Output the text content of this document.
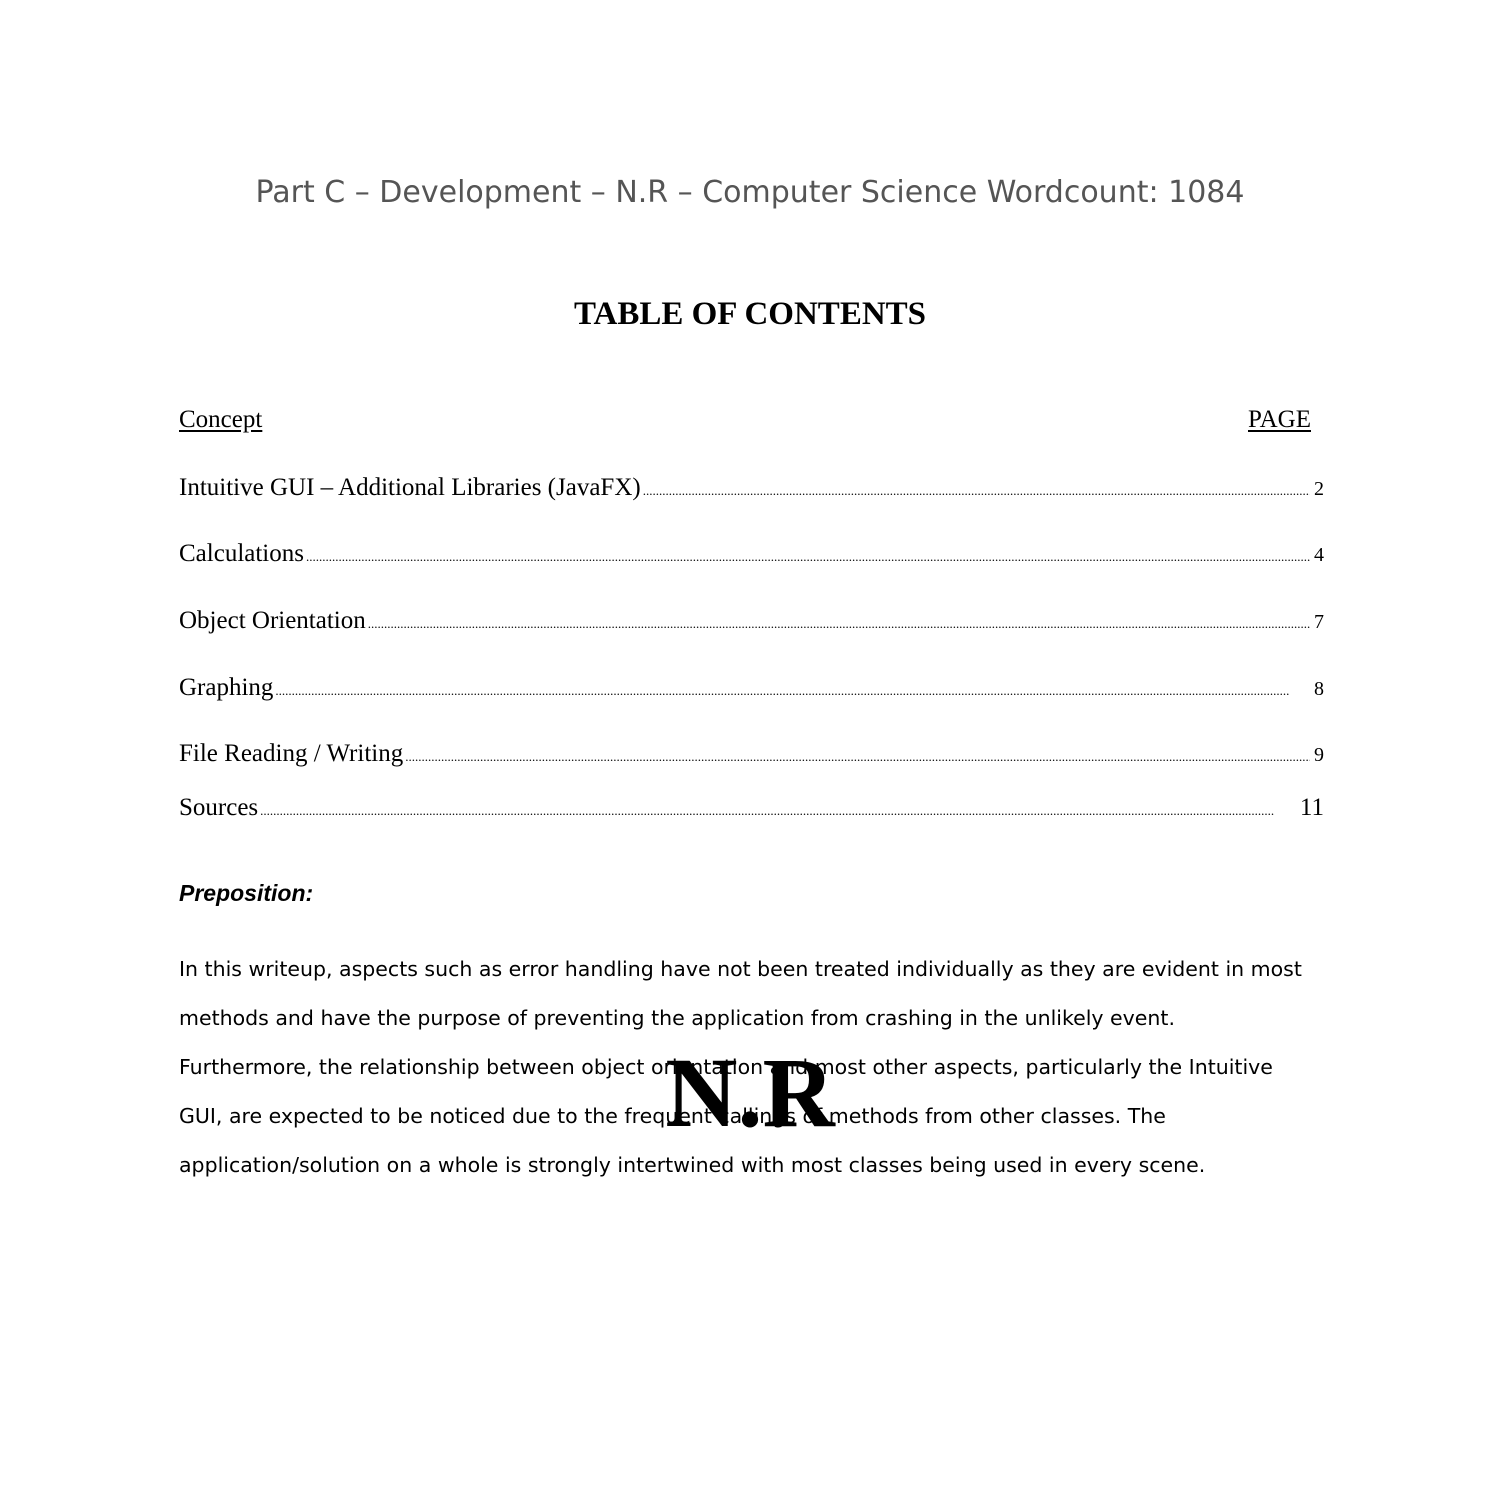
Part C – Development – N.R – Computer Science Wordcount: 1084
TABLE OF CONTENTS
Concept	PAGE
Intuitive GUI – Additional Libraries (JavaFX) .....	2
Calculations .....	4
Object Orientation .....	7
Graphing .....	8
File Reading / Writing .....	9
Sources .....	11
Preposition:
In this writeup, aspects such as error handling have not been treated individually as they are evident in most
methods and have the purpose of preventing the application from crashing in the unlikely event.
Furthermore, the relationship between object orientation and most other aspects, particularly the Intuitive
GUI, are expected to be noticed due to the frequent callings of methods from other classes. The
application/solution on a whole is strongly intertwined with most classes being used in every scene.
N.R
